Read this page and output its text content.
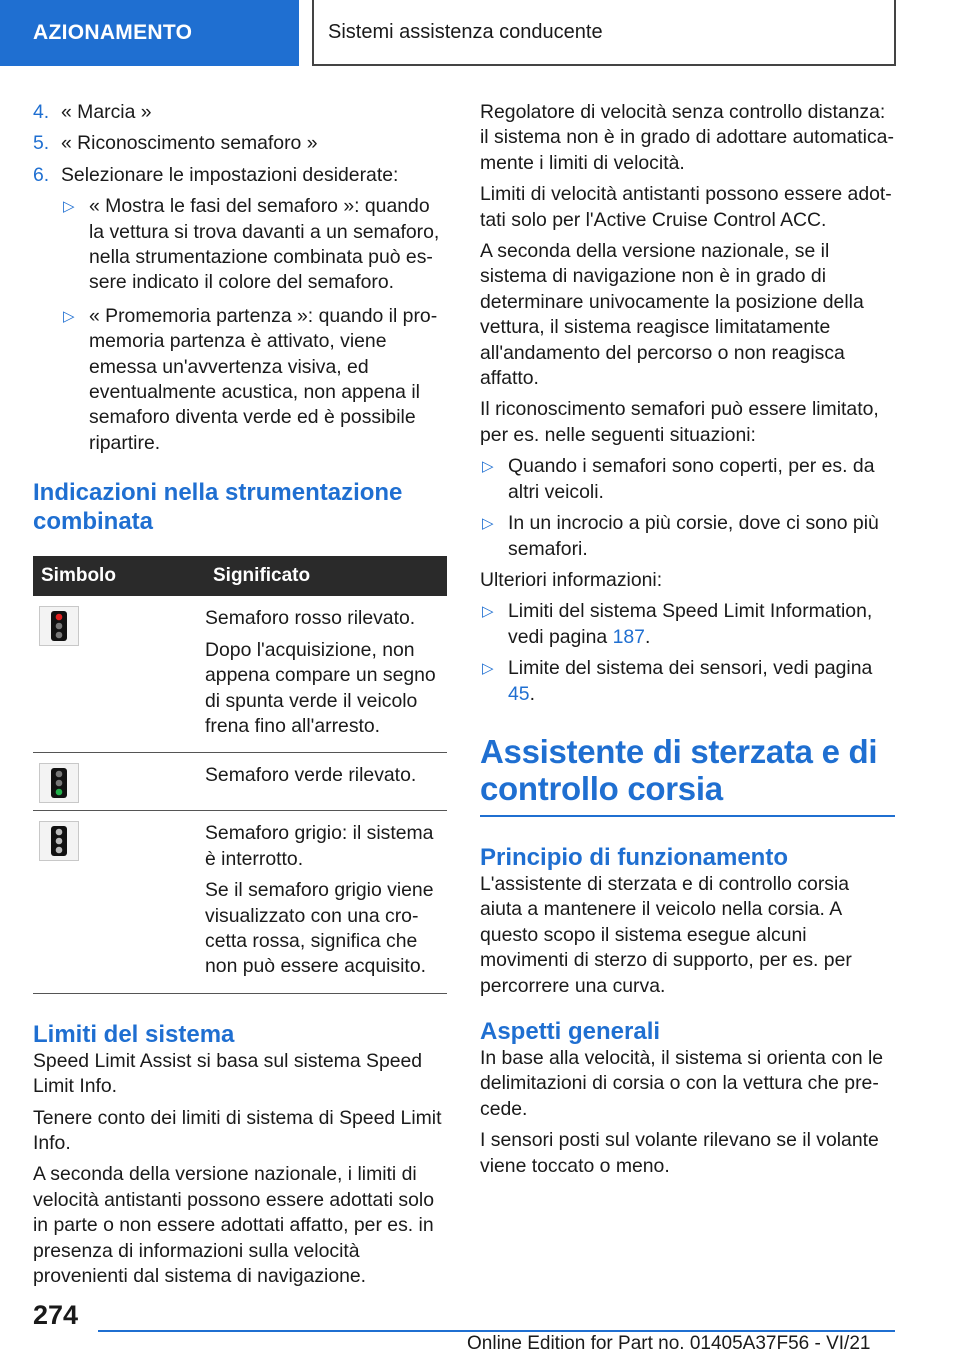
AZIONAMENTO	Sistemi assistenza conducente
4. « Marcia »
5. « Riconoscimento semaforo »
6. Selezionare le impostazioni desiderate:
▷ « Mostra le fasi del semaforo »: quando la vettura si trova davanti a un semaforo, nella strumentazione combinata può essere indicato il colore del semaforo.
▷ « Promemoria partenza »: quando il promemoria partenza è attivato, viene emessa un'avvertenza visiva, ed eventualmente acustica, non appena il semaforo diventa verde ed è possibile ripartire.
Indicazioni nella strumentazione combinata
Simbolo	Significato

Semaforo rosso rilevato.

Dopo l'acquisizione, non appena compare un segno di spunta verde il veicolo frena fino all'arresto.

Semaforo verde rilevato.

Semaforo grigio: il sistema è interrotto.

Se il semaforo grigio viene visualizzato con una crocetta rossa, significa che non può essere acquisito.

Limiti del sistema

Speed Limit Assist si basa sul sistema Speed Limit Info.

Tenere conto dei limiti di sistema di Speed Limit Info.

A seconda della versione nazionale, i limiti di velocità antistanti possono essere adottati solo in parte o non essere adottati affatto, per es. in presenza di informazioni sulla velocità provenienti dal sistema di navigazione.

Regolatore di velocità senza controllo distanza: il sistema non è in grado di adottare automaticamente i limiti di velocità.

Limiti di velocità antistanti possono essere adottati solo per l'Active Cruise Control ACC.

A seconda della versione nazionale, se il sistema di navigazione non è in grado di determinare univocamente la posizione della vettura, il sistema reagisce limitatamente all'andamento del percorso o non reagisca affatto.

Il riconoscimento semafori può essere limitato, per es. nelle seguenti situazioni:

▷ Quando i semafori sono coperti, per es. da altri veicoli.
▷ In un incrocio a più corsie, dove ci sono più semafori.

Ulteriori informazioni:

▷ Limiti del sistema Speed Limit Information, vedi pagina 187.
▷ Limite del sistema dei sensori, vedi pagina 45.
Assistente di sterzata e di controllo corsia
Principio di funzionamento

L'assistente di sterzata e di controllo corsia aiuta a mantenere il veicolo nella corsia. A questo scopo il sistema esegue alcuni movimenti di sterzo di supporto, per es. per percorrere una curva.

Aspetti generali

In base alla velocità, il sistema si orienta con le delimitazioni di corsia o con la vettura che precede.

I sensori posti sul volante rilevano se il volante viene toccato o meno.

274
Online Edition for Part no. 01405A37F56 - VI/21
